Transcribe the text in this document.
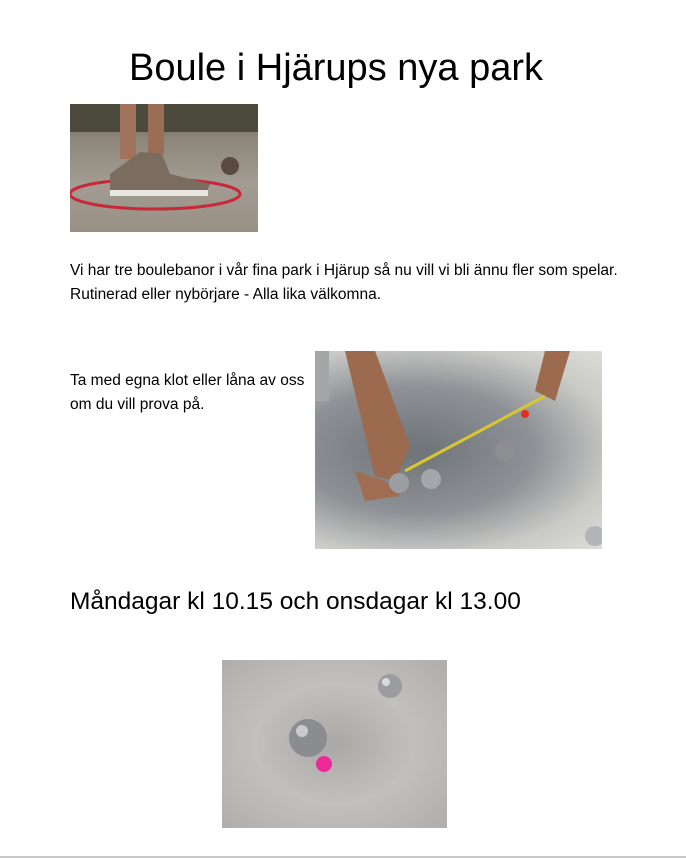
Boule i Hjärups nya park
Vi har tre boulebanor i vår fina park i Hjärup så nu vill vi bli ännu fler som spelar. Rutinerad eller nybörjare - Alla lika välkomna.
Ta med egna klot eller låna av oss om du vill prova på.
Måndagar kl 10.15 och onsdagar kl 13.00
